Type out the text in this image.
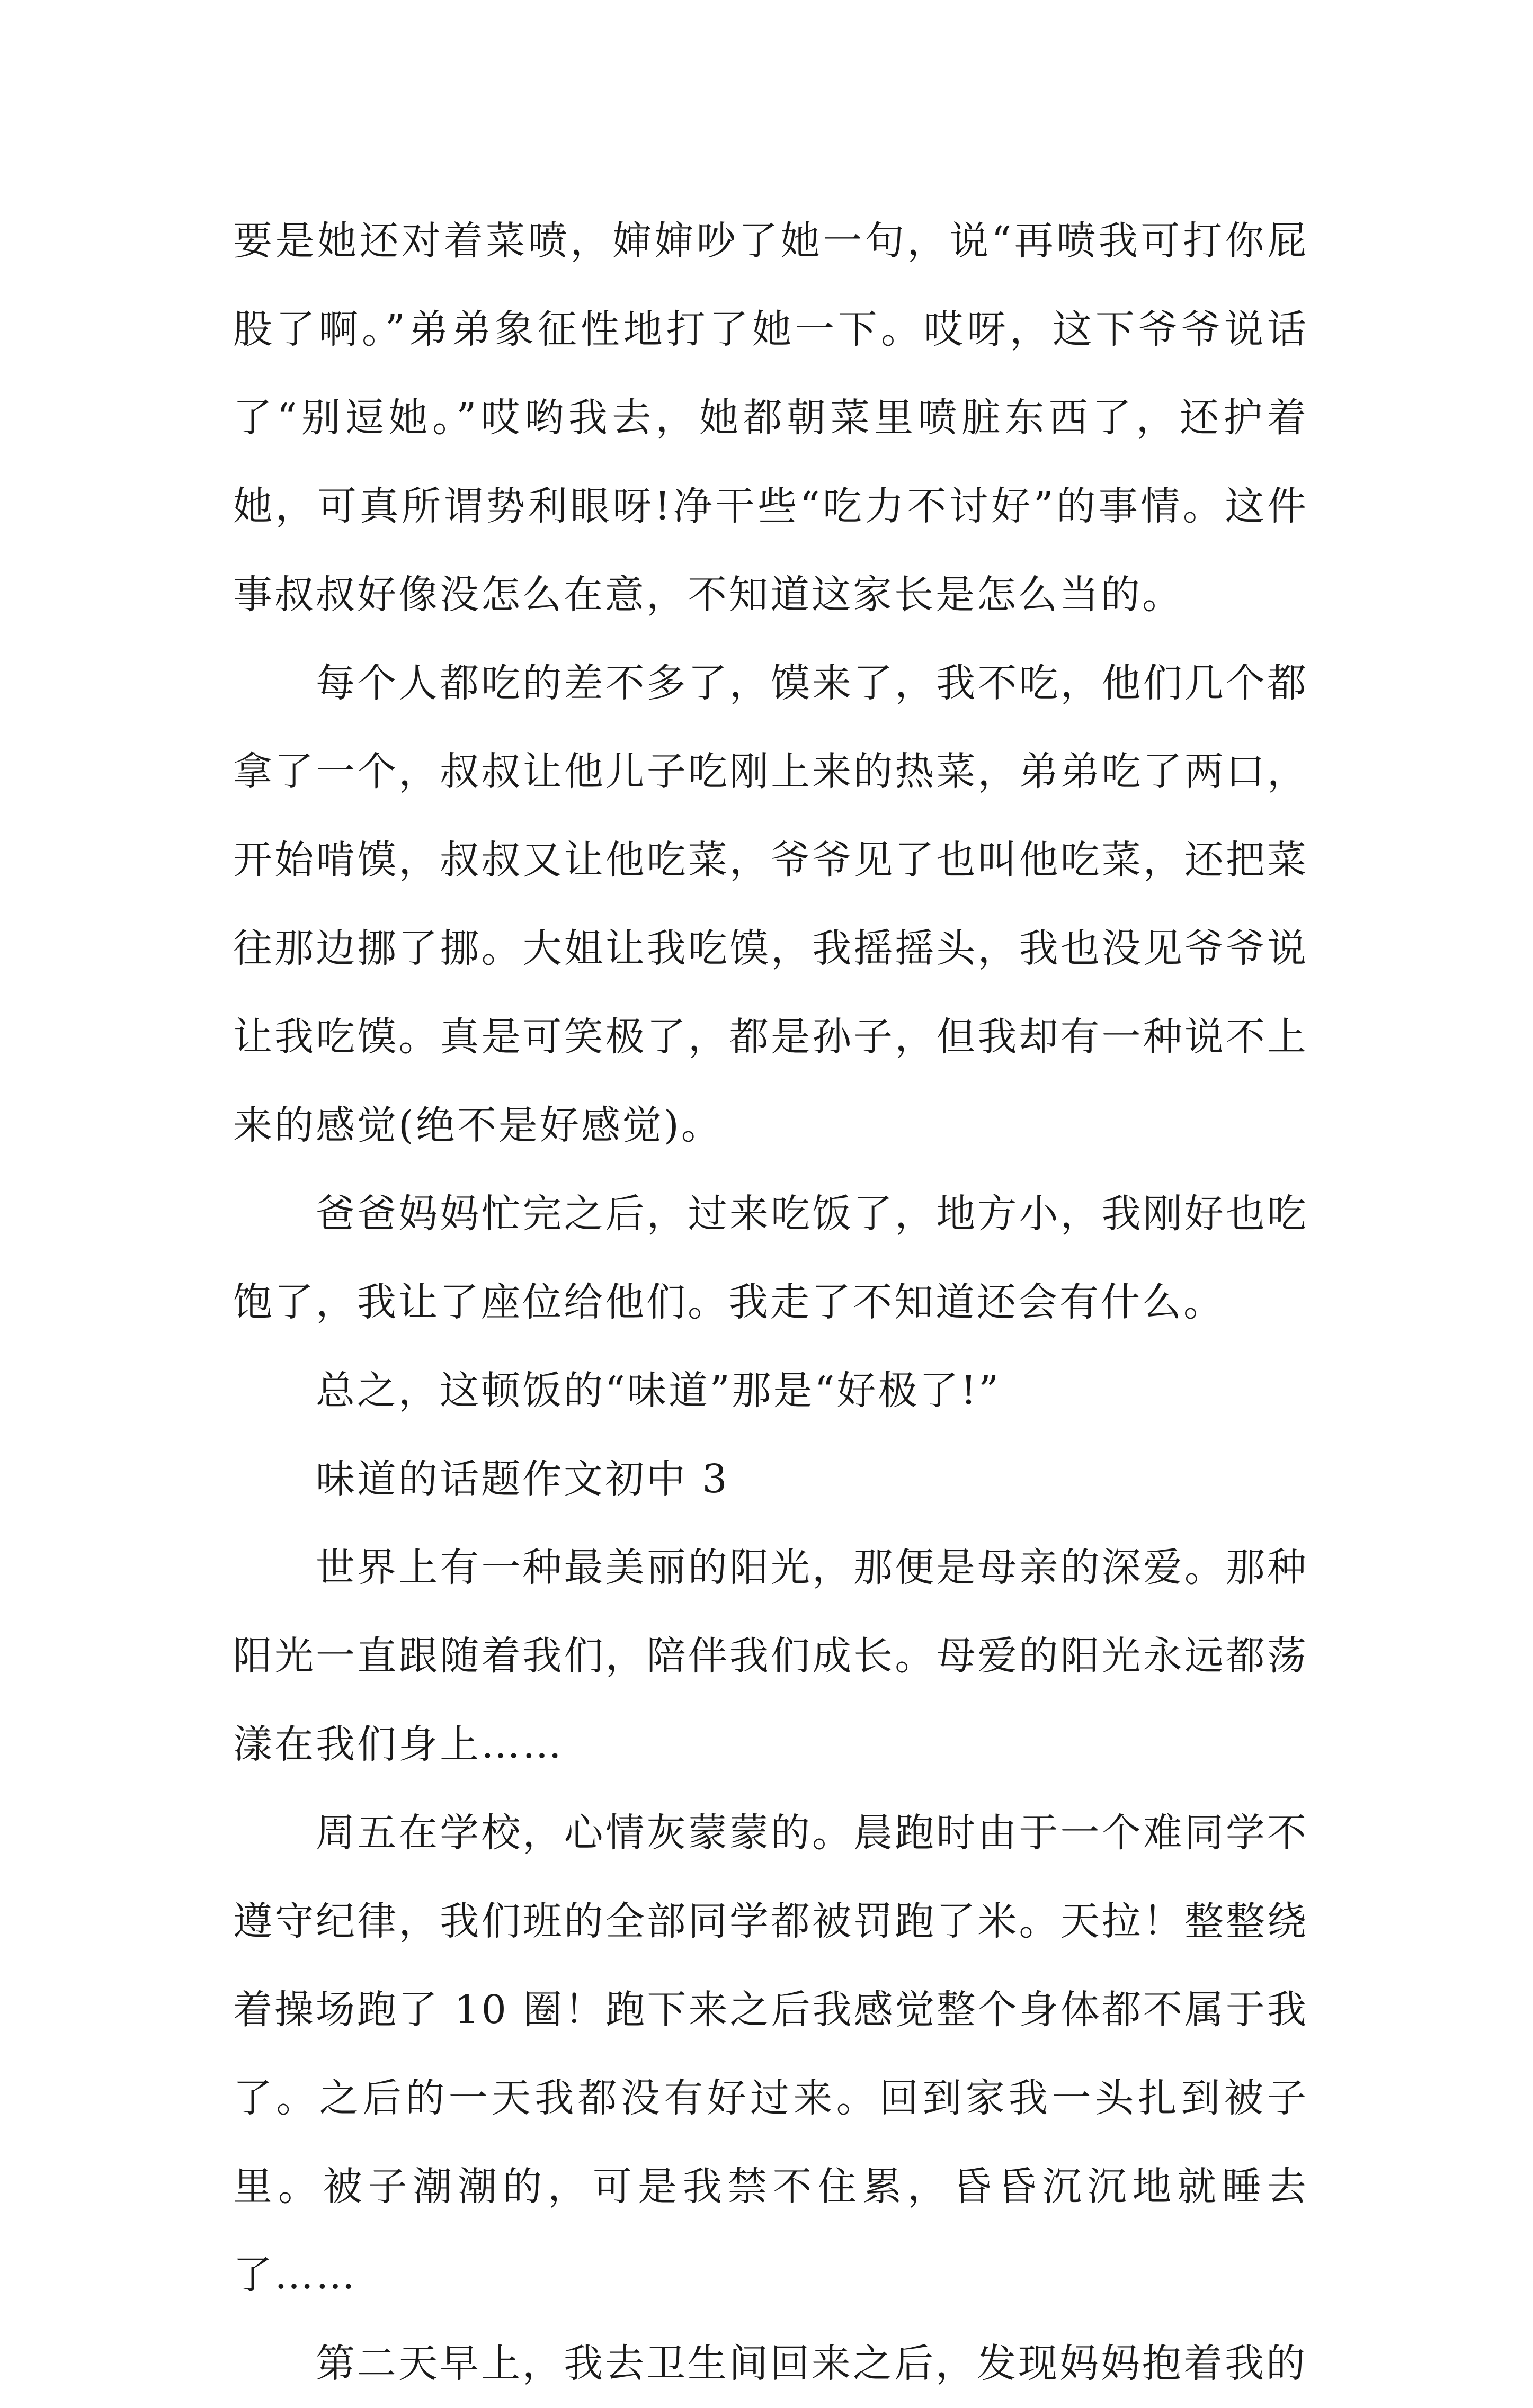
要是她还对着菜喷，婶婶吵了她一句，说“再喷我可打你屁股了啊。”弟弟象征性地打了她一下。哎呀，这下爷爷说话了“别逗她。”哎哟我去，她都朝菜里喷脏东西了，还护着她，可真所谓势利眼呀!净干些“吃力不讨好”的事情。这件事叔叔好像没怎么在意，不知道这家长是怎么当的。

每个人都吃的差不多了，馍来了，我不吃，他们几个都拿了一个，叔叔让他儿子吃刚上来的热菜，弟弟吃了两口，开始啃馍，叔叔又让他吃菜，爷爷见了也叫他吃菜，还把菜往那边挪了挪。大姐让我吃馍，我摇摇头，我也没见爷爷说让我吃馍。真是可笑极了，都是孙子，但我却有一种说不上来的感觉(绝不是好感觉)。

爸爸妈妈忙完之后，过来吃饭了，地方小，我刚好也吃饱了，我让了座位给他们。我走了不知道还会有什么。

总之，这顿饭的“味道”那是“好极了!”

味道的话题作文初中 3

世界上有一种最美丽的阳光，那便是母亲的深爱。那种阳光一直跟随着我们，陪伴我们成长。母爱的阳光永远都荡漾在我们身上……

周五在学校，心情灰蒙蒙的。晨跑时由于一个难同学不遵守纪律，我们班的全部同学都被罚跑了米。天拉！整整绕着操场跑了 10 圈！跑下来之后我感觉整个身体都不属于我了。之后的一天我都没有好过来。回到家我一头扎到被子里。被子潮潮的，可是我禁不住累，昏昏沉沉地就睡去了……

第二天早上，我去卫生间回来之后，发现妈妈抱着我的
